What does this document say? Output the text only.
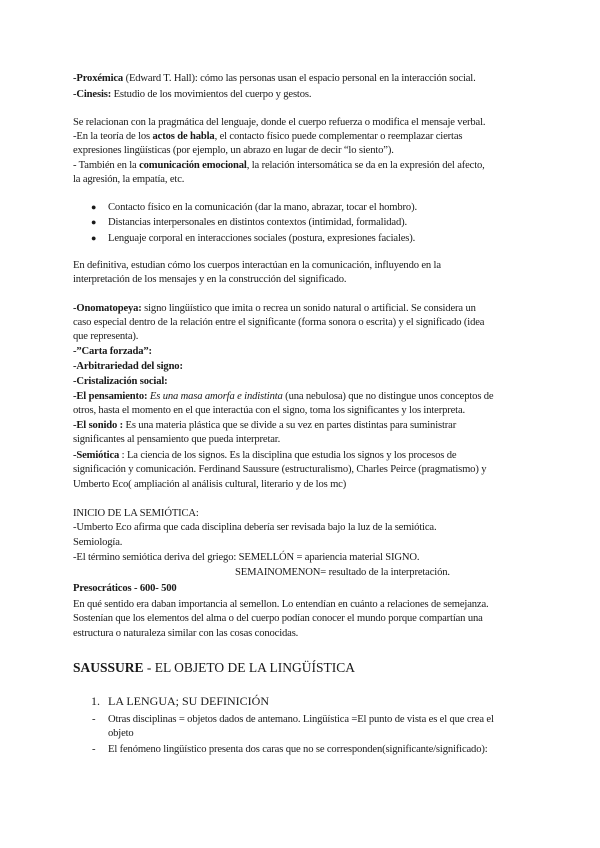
-Proxémica (Edward T. Hall): cómo las personas usan el espacio personal en la interacción social.
-Cinesis: Estudio de los movimientos del cuerpo y gestos.
Se relacionan con la pragmática del lenguaje, donde el cuerpo refuerza o modifica el mensaje verbal.
-En la teoría de los actos de habla, el contacto físico puede complementar o reemplazar ciertas
expresiones lingüísticas (por ejemplo, un abrazo en lugar de decir “lo siento”).
- También en la comunicación emocional, la relación intersomática se da en la expresión del afecto,
la agresión, la empatía, etc.
● Contacto físico en la comunicación (dar la mano, abrazar, tocar el hombro).
● Distancias interpersonales en distintos contextos (intimidad, formalidad).
● Lenguaje corporal en interacciones sociales (postura, expresiones faciales).
En definitiva, estudian cómo los cuerpos interactúan en la comunicación, influyendo en la
interpretación de los mensajes y en la construcción del significado.
-Onomatopeya: signo lingüístico que imita o recrea un sonido natural o artificial. Se considera un
caso especial dentro de la relación entre el significante (forma sonora o escrita) y el significado (idea
que representa).
-”Carta forzada”:
-Arbitrariedad del signo:
-Cristalización social:
-El pensamiento: Es una masa amorfa e indistinta (una nebulosa) que no distingue unos conceptos de
otros, hasta el momento en el que interactúa con el signo, toma los significantes y los interpreta.
-El sonido : Es una materia plástica que se divide a su vez en partes distintas para suministrar
significantes al pensamiento que pueda interpretar.
-Semiótica : La ciencia de los signos. Es la disciplina que estudia los signos y los procesos de
significación y comunicación. Ferdinand Saussure (estructuralismo), Charles Peirce (pragmatismo) y
Umberto Eco( ampliación al análisis cultural, literario y de los mc)
INICIO DE LA SEMIÓTICA:
-Umberto Eco afirma que cada disciplina debería ser revisada bajo la luz de la semiótica.
Semiología.
-El término semiótica deriva del griego: SEMELLÓN = apariencia material SIGNO.
SEMAINOMENON= resultado de la interpretación.
Presocráticos - 600- 500
En qué sentido era daban importancia al semellon. Lo entendían en cuánto a relaciones de semejanza.
Sostenían que los elementos del alma o del cuerpo podían conocer el mundo porque compartían una
estructura o naturaleza similar con las cosas conocidas.
SAUSSURE - EL OBJETO DE LA LINGÜÍSTICA
1. LA LENGUA; SU DEFINICIÓN
- Otras disciplinas = objetos dados de antemano. Lingüística =El punto de vista es el que crea el
objeto
- El fenómeno lingüístico presenta dos caras que no se corresponden(significante/significado):
